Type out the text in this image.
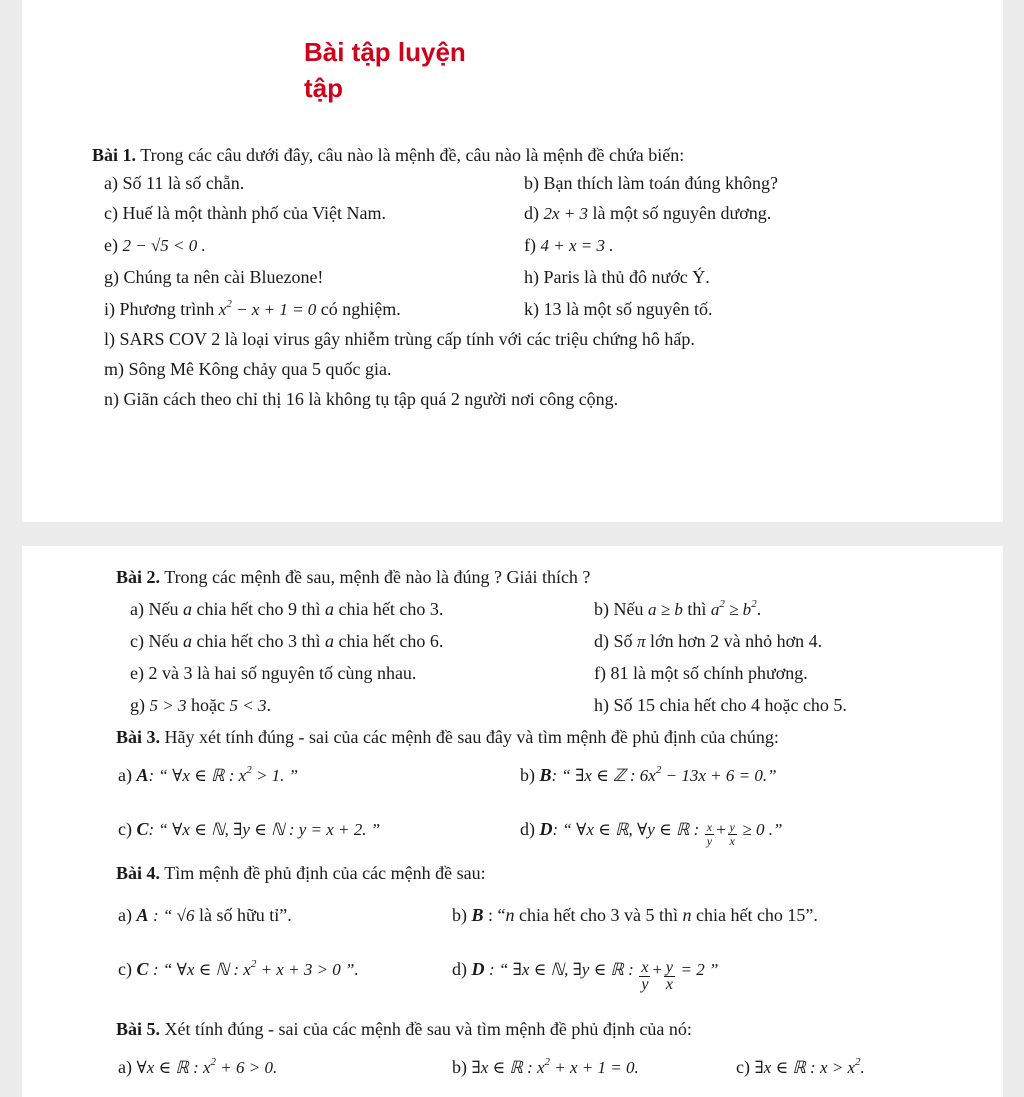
Bài tập luyện tập
Bài 1. Trong các câu dưới đây, câu nào là mệnh đề, câu nào là mệnh đề chứa biến:
a) Số 11 là số chẵn.	b) Bạn thích làm toán đúng không?
c) Huế là một thành phố của Việt Nam.	d) 2x + 3 là một số nguyên dương.
e) 2 − √5 < 0 .	f) 4 + x = 3 .
g) Chúng ta nên cài Bluezone!	h) Paris là thủ đô nước Ý.
i) Phương trình $x^2 - x + 1 = 0$ có nghiệm.	k) 13 là một số nguyên tố.
l) SARS COV 2 là loại virus gây nhiễm trùng cấp tính với các triệu chứng hô hấp.
m) Sông Mê Kông chảy qua 5 quốc gia.
n) Giãn cách theo chỉ thị 16 là không tụ tập quá 2 người nơi công cộng.
Bài 2. Trong các mệnh đề sau, mệnh đề nào là đúng ? Giải thích ?
a) Nếu a chia hết cho 9 thì a chia hết cho 3.	b) Nếu a ≥ b thì $a^2 \ge b^2$.
c) Nếu a chia hết cho 3 thì a chia hết cho 6.	d) Số π lớn hơn 2 và nhỏ hơn 4.
e) 2 và 3 là hai số nguyên tố cùng nhau.	f) 81 là một số chính phương.
g) 5 > 3 hoặc 5 < 3.	h) Số 15 chia hết cho 4 hoặc cho 5.
Bài 3. Hãy xét tính đúng - sai của các mệnh đề sau đây và tìm mệnh đề phủ định của chúng:
a) A: “ ∀x ∈ ℝ : $x^2 > 1$. ”	b) B: “ ∃x ∈ ℤ : $6x^2 - 13x + 6 = 0$.”
c) C: “ ∀x ∈ ℕ, ∃y ∈ ℕ : y = x + 2. ”	d) D: “ ∀x ∈ ℝ, ∀y ∈ ℝ : $\frac{x}{y} + \frac{y}{x} \ge 0$ .”
Bài 4. Tìm mệnh đề phủ định của các mệnh đề sau:
a) A : “ √6 là số hữu tỉ”.	b) B : “n chia hết cho 3 và 5 thì n chia hết cho 15”.
c) C : “ ∀x ∈ ℕ : $x^2 + x + 3 > 0$ ”.	d) D : “ ∃x ∈ ℕ, ∃y ∈ ℝ : $\frac{x}{y} + \frac{y}{x} = 2$ ”
Bài 5. Xét tính đúng - sai của các mệnh đề sau và tìm mệnh đề phủ định của nó:
a) ∀x ∈ ℝ : $x^2 + 6 > 0$.	b) ∃x ∈ ℝ : $x^2 + x + 1 = 0$.	c) ∃x ∈ ℝ : $x > x^2$.
